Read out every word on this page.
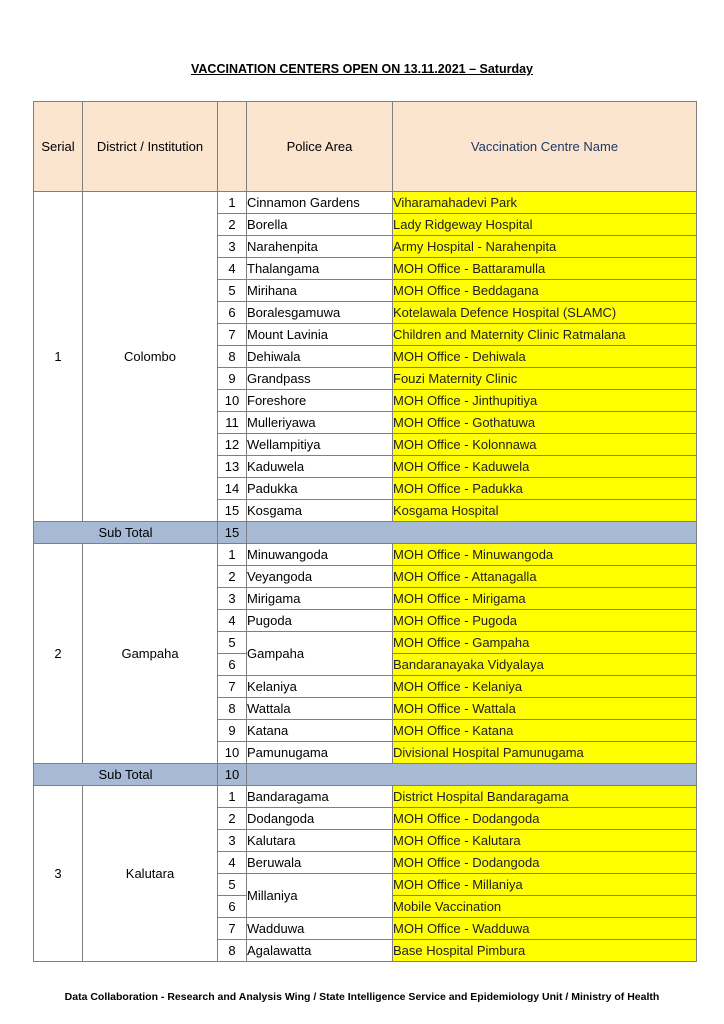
VACCINATION CENTERS OPEN ON 13.11.2021 – Saturday
Serial	District / Institution		Police Area	Vaccination Centre Name
1	Colombo	1	Cinnamon Gardens	Viharamahadevi Park
		2	Borella	Lady Ridgeway Hospital
		3	Narahenpita	Army Hospital - Narahenpita
		4	Thalangama	MOH Office - Battaramulla
		5	Mirihana	MOH Office - Beddagana
		6	Boralesgamuwa	Kotelawala Defence Hospital (SLAMC)
		7	Mount Lavinia	Children and Maternity Clinic Ratmalana
		8	Dehiwala	MOH Office - Dehiwala
		9	Grandpass	Fouzi Maternity Clinic
		10	Foreshore	MOH Office - Jinthupitiya
		11	Mulleriyawa	MOH Office - Gothatuwa
		12	Wellampitiya	MOH Office - Kolonnawa
		13	Kaduwela	MOH Office - Kaduwela
		14	Padukka	MOH Office - Padukka
		15	Kosgama	Kosgama Hospital
Sub Total		15		
2	Gampaha	1	Minuwangoda	MOH Office - Minuwangoda
		2	Veyangoda	MOH Office - Attanagalla
		3	Mirigama	MOH Office - Mirigama
		4	Pugoda	MOH Office - Pugoda
		5	Gampaha	MOH Office - Gampaha
		6		Bandaranayaka Vidyalaya
		7	Kelaniya	MOH Office - Kelaniya
		8	Wattala	MOH Office - Wattala
		9	Katana	MOH Office - Katana
		10	Pamunugama	Divisional Hospital Pamunugama
Sub Total		10		
3	Kalutara	1	Bandaragama	District Hospital Bandaragama
		2	Dodangoda	MOH Office - Dodangoda
		3	Kalutara	MOH Office - Kalutara
		4	Beruwala	MOH Office - Dodangoda
		5	Millaniya	MOH Office - Millaniya
		6		Mobile Vaccination
		7	Wadduwa	MOH Office - Wadduwa
		8	Agalawatta	Base Hospital Pimbura
Data Collaboration - Research and Analysis Wing / State Intelligence Service and Epidemiology Unit / Ministry of Health
